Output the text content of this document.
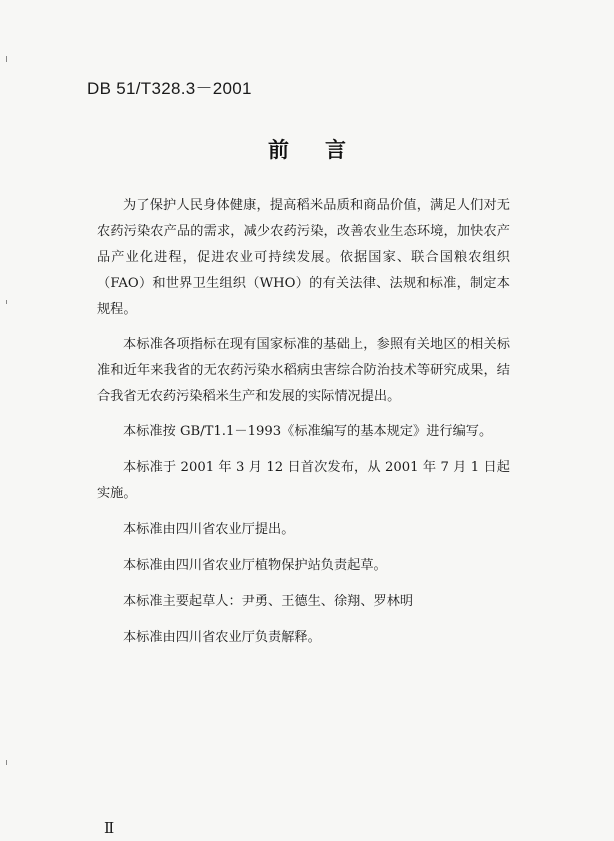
DB 51/T328.3－2001
前言

为了保护人民身体健康，提高稻米品质和商品价值，满足人们对无农药污染农产品的需求，减少农药污染，改善农业生态环境，加快农产品产业化进程，促进农业可持续发展。依据国家、联合国粮农组织（FAO）和世界卫生组织（WHO）的有关法律、法规和标准，制定本规程。

本标准各项指标在现有国家标准的基础上，参照有关地区的相关标准和近年来我省的无农药污染水稻病虫害综合防治技术等研究成果，结合我省无农药污染稻米生产和发展的实际情况提出。

本标准按 GB/T1.1－1993《标准编写的基本规定》进行编写。

本标准于 2001 年 3 月 12 日首次发布，从 2001 年 7 月 1 日起实施。

本标准由四川省农业厅提出。

本标准由四川省农业厅植物保护站负责起草。

本标准主要起草人：尹勇、王德生、徐翔、罗林明

本标准由四川省农业厅负责解释。

Ⅱ
